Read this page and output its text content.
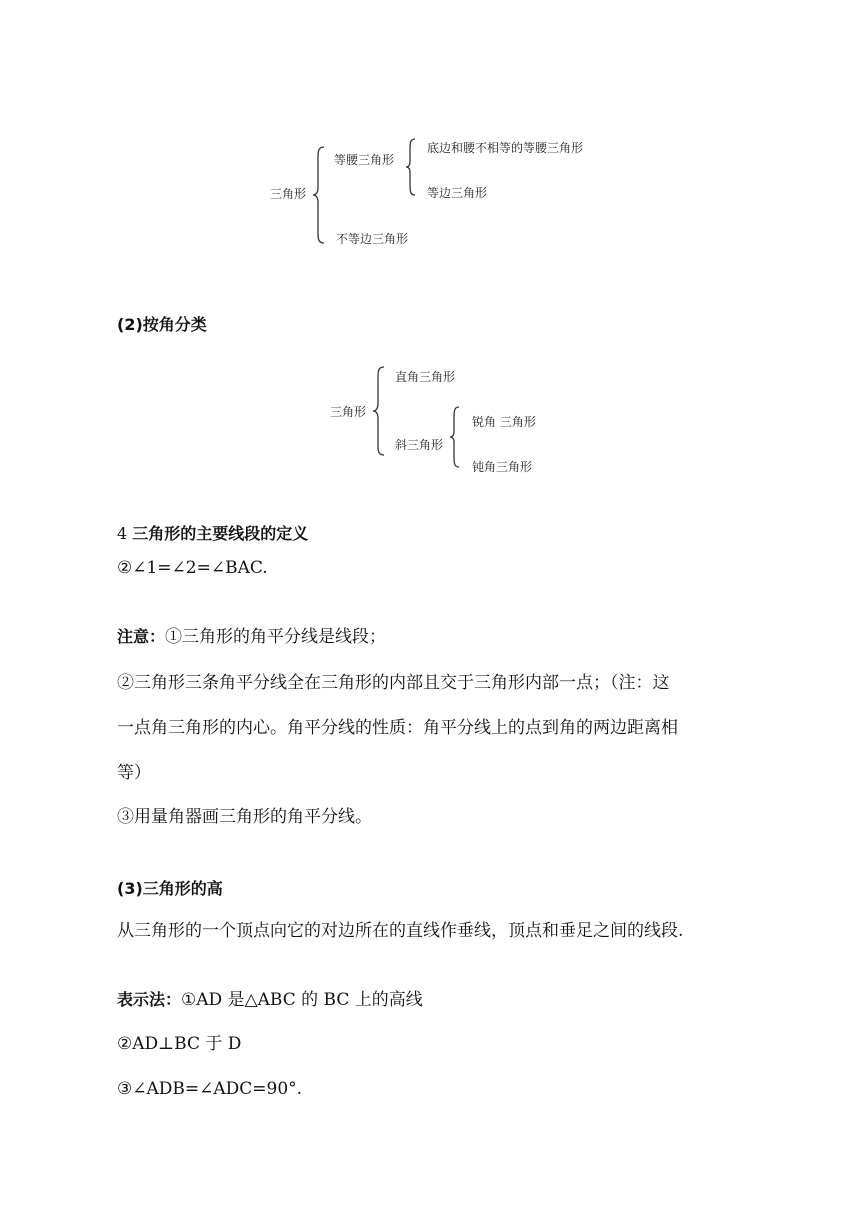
三角形
等腰三角形
底边和腰不相等的等腰三角形
等边三角形
不等边三角形
(2)按角分类
三角形
直角三角形
斜三角形
锐角 三角形
钝角三角形
4 三角形的主要线段的定义
②∠1=∠2=∠BAC.
注意：①三角形的角平分线是线段；
②三角形三条角平分线全在三角形的内部且交于三角形内部一点；（注：这
一点角三角形的内心。角平分线的性质：角平分线上的点到角的两边距离相
等）
③用量角器画三角形的角平分线。
(3)三角形的高
从三角形的一个顶点向它的对边所在的直线作垂线，顶点和垂足之间的线段.
表示法：①AD 是△ABC 的 BC 上的高线
②AD⊥BC 于 D
③∠ADB=∠ADC=90°.
